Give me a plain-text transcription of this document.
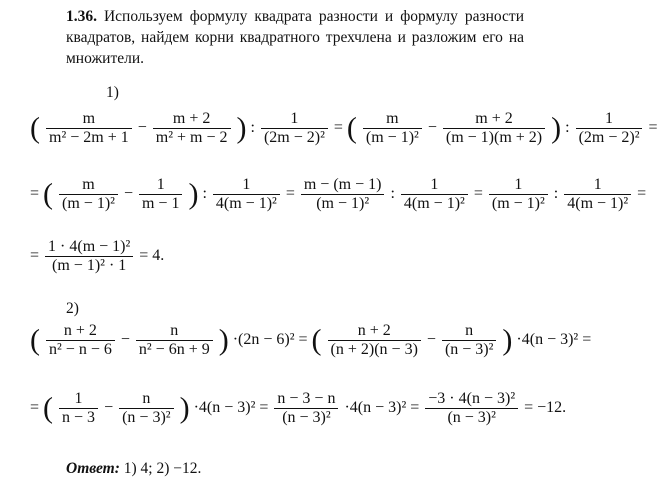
1.36. Используем формулу квадрата разности и формулу разности квадратов, найдем корни квадратного трехчлена и разложим его на множители.
1)
( $\frac{m}{\text{m² − 2m + 1}} - \frac{m + 2}{\text{m² + m − 2}}$ ) : $\frac{1}{\text{(2m − 2)²}}$ = ( $\frac{m}{\text{(m − 1)²}} - \frac{m + 2}{(m - 1)(m + 2)}$ ) : $\frac{1}{\text{(2m − 2)²}}$ =
= ( $\frac{m}{\text{(m − 1)²}} - \frac{1}{m - 1}$ ) : $\frac{1}{\text{4(m − 1)²}} = \frac{m - (m - 1)}{\text{(m − 1)²}}$ : $\frac{1}{\text{4(m − 1)²}} = \frac{1}{\text{(m − 1)²}}$ : $\frac{1}{\text{4(m − 1)²}}$ =
= $\frac{\text{1 · 4(m − 1)²}}{\text{(m − 1)² · 1}} = 4$.
2)
( $\frac{n + 2}{\text{n² − n − 6}} - \frac{n}{\text{n² − 6n + 9}}$ ) ·(2n − 6)² = ( $\frac{n + 2}{(n + 2)(n - 3)} - \frac{n}{\text{(n − 3)²}}$ ) ·4(n − 3)² =
= ( $\frac{1}{n - 3} - \frac{n}{\text{(n − 3)²}}$ ) $\cdot 4(n - 3)^2 = \frac{n - 3 - n}{\text{(n − 3)²}} \cdot 4(n - 3)^2 = \frac{\text{−3 · 4(n − 3)²}}{\text{(n − 3)²}} = -12$.
Ответ: 1) 4; 2) −12.
